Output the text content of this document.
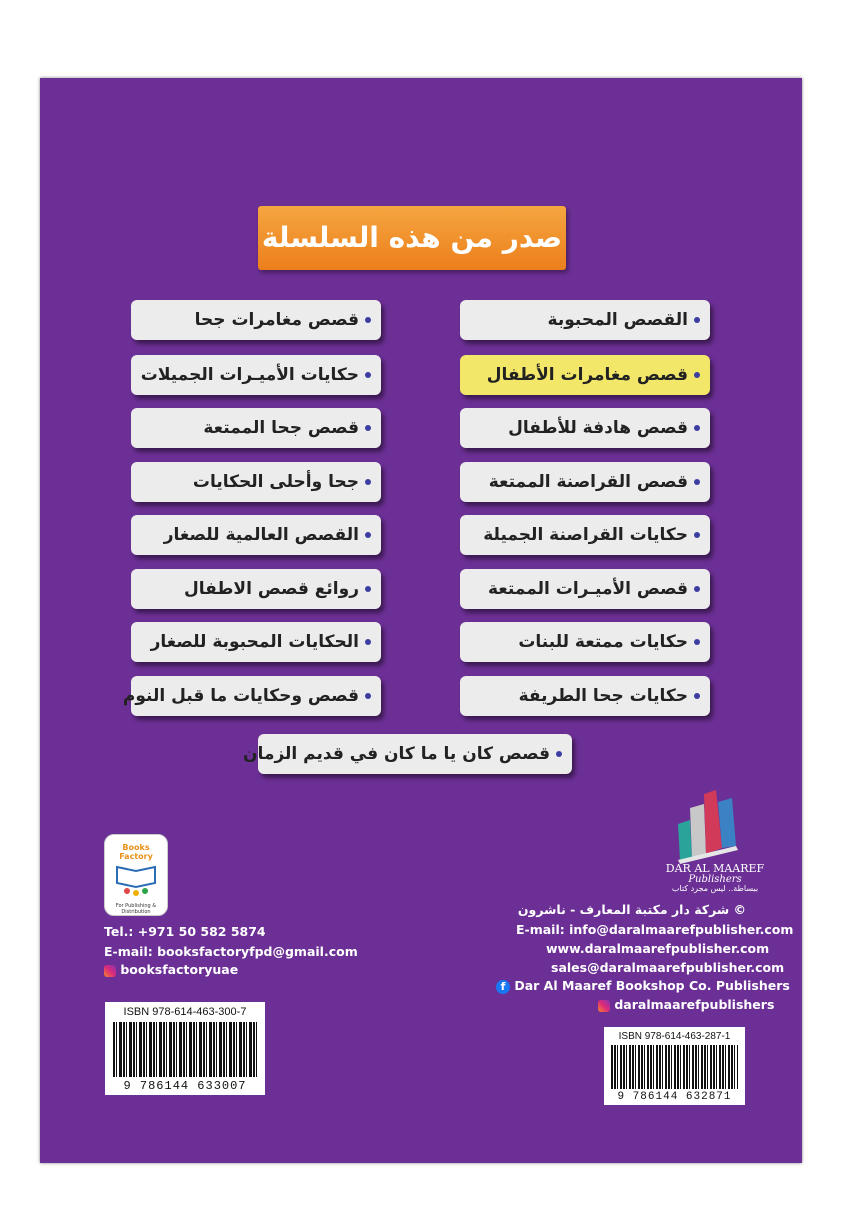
صدر من هذه السلسلة
القصص المحبوبة
قصص مغامرات الأطفال
قصص هادفة للأطفال
قصص القراصنة الممتعة
حكايات القراصنة الجميلة
قصص الأميـرات الممتعة
حكايات ممتعة للبنات
حكايات جحا الطريفة
قصص مغامرات جحا
حكايات الأميـرات الجميلات
قصص جحا الممتعة
جحا وأحلى الحكايات
القصص العالمية للصغار
روائع قصص الاطفال
الحكايات المحبوبة للصغار
قصص وحكايات ما قبل النوم
قصص كان يا ما كان في قديم الزمان
DAR AL MAAREF
Publishers
ببساطة.. ليس مجرد كتاب
Books Factory
For Publishing & Distribution	© شركة دار مكتبة المعارف - ناشرون
E-mail: info@daralmaarefpublisher.com
www.daralmaarefpublisher.com
sales@daralmaarefpublisher.com
f Dar Al Maaref Bookshop Co. Publishers
daralmaarefpublishers
Tel.: +971 50 582 5874
E-mail: booksfactoryfpd@gmail.com
booksfactoryuae
ISBN 978-614-463-300-7
9 786144 633007
ISBN 978-614-463-287-1
9 786144 632871
